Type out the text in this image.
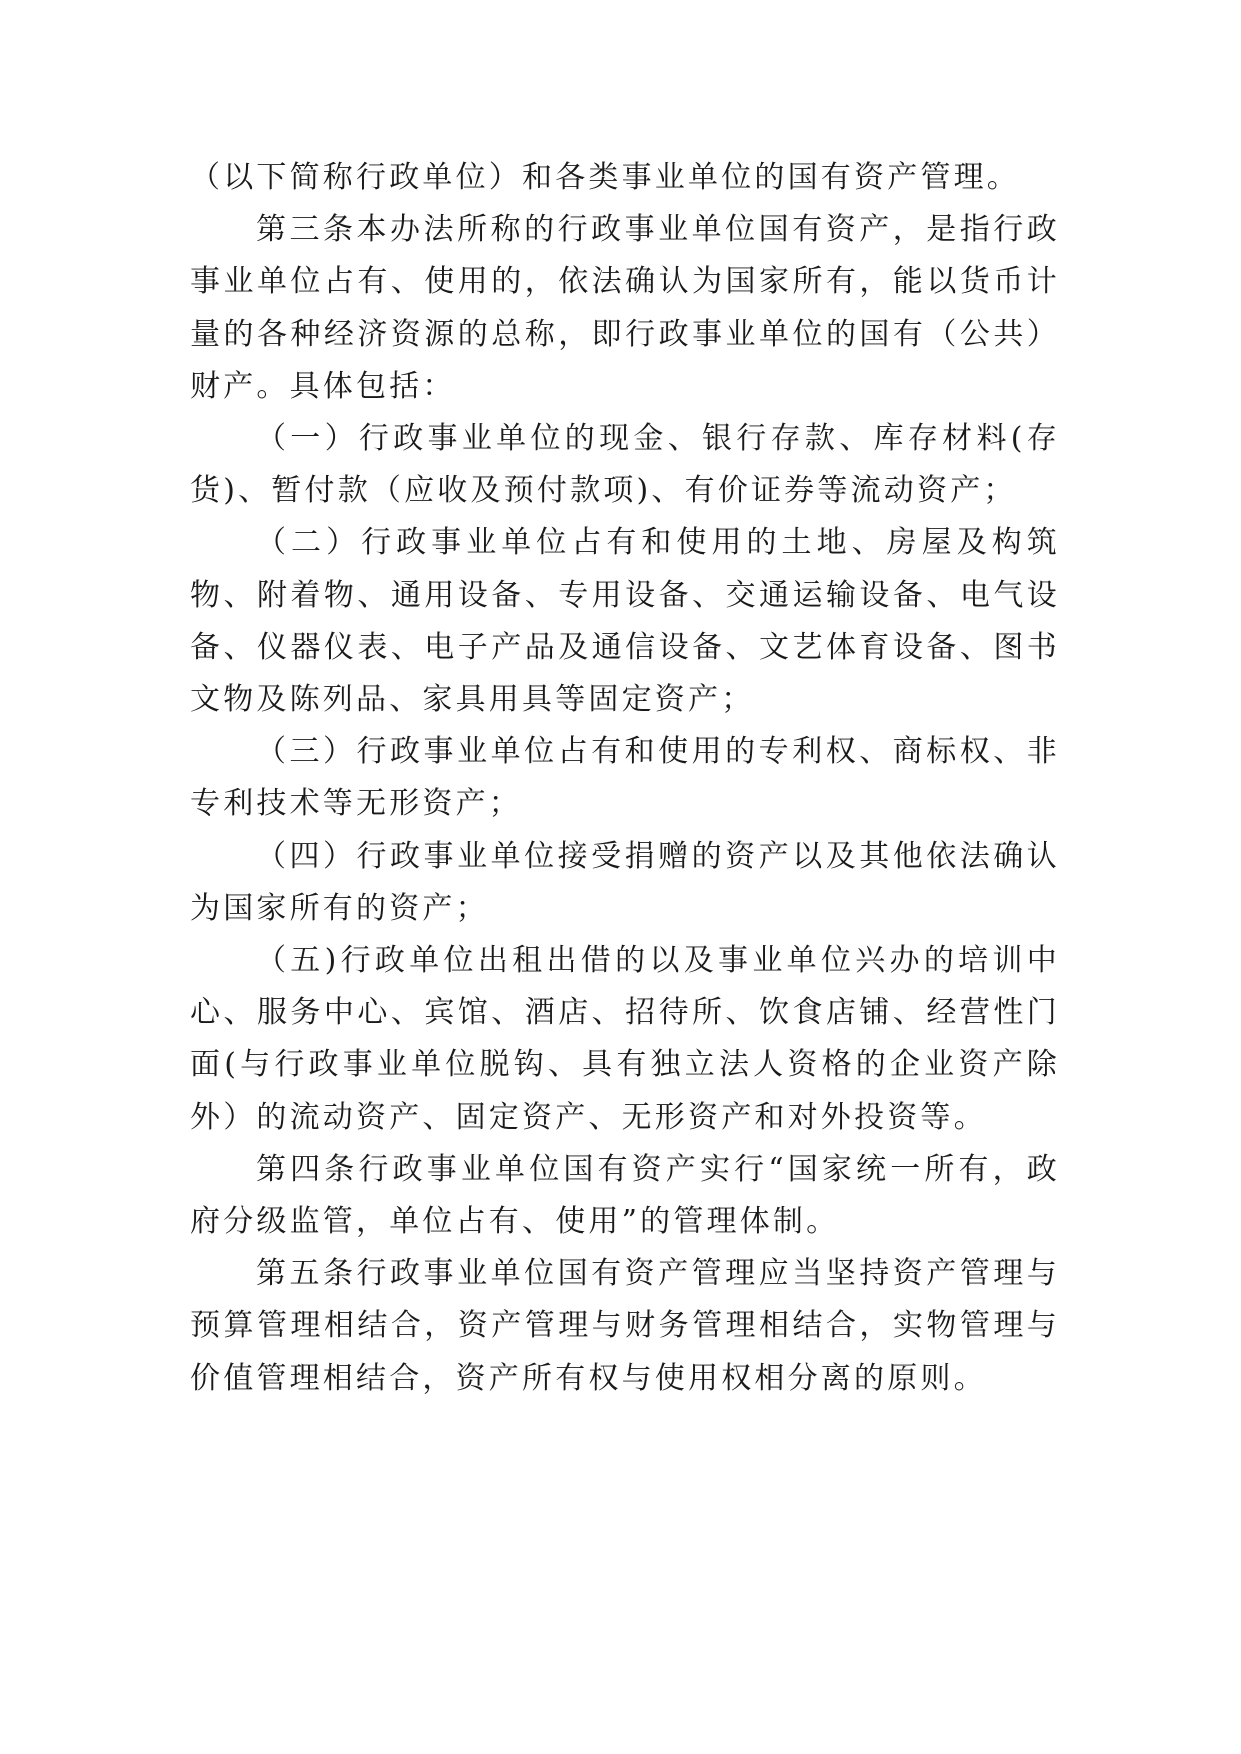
（以下简称行政单位）和各类事业单位的国有资产管理。

第三条本办法所称的行政事业单位国有资产，是指行政事业单位占有、使用的，依法确认为国家所有，能以货币计量的各种经济资源的总称，即行政事业单位的国有（公共）财产。具体包括：

（一）行政事业单位的现金、银行存款、库存材料(存货)、暂付款（应收及预付款项)、有价证券等流动资产；

（二）行政事业单位占有和使用的土地、房屋及构筑物、附着物、通用设备、专用设备、交通运输设备、电气设备、仪器仪表、电子产品及通信设备、文艺体育设备、图书文物及陈列品、家具用具等固定资产；

（三）行政事业单位占有和使用的专利权、商标权、非专利技术等无形资产；

（四）行政事业单位接受捐赠的资产以及其他依法确认为国家所有的资产；

（五)行政单位出租出借的以及事业单位兴办的培训中心、服务中心、宾馆、酒店、招待所、饮食店铺、经营性门面(与行政事业单位脱钩、具有独立法人资格的企业资产除外）的流动资产、固定资产、无形资产和对外投资等。

第四条行政事业单位国有资产实行“国家统一所有，政府分级监管，单位占有、使用”的管理体制。

第五条行政事业单位国有资产管理应当坚持资产管理与预算管理相结合，资产管理与财务管理相结合，实物管理与价值管理相结合，资产所有权与使用权相分离的原则。
